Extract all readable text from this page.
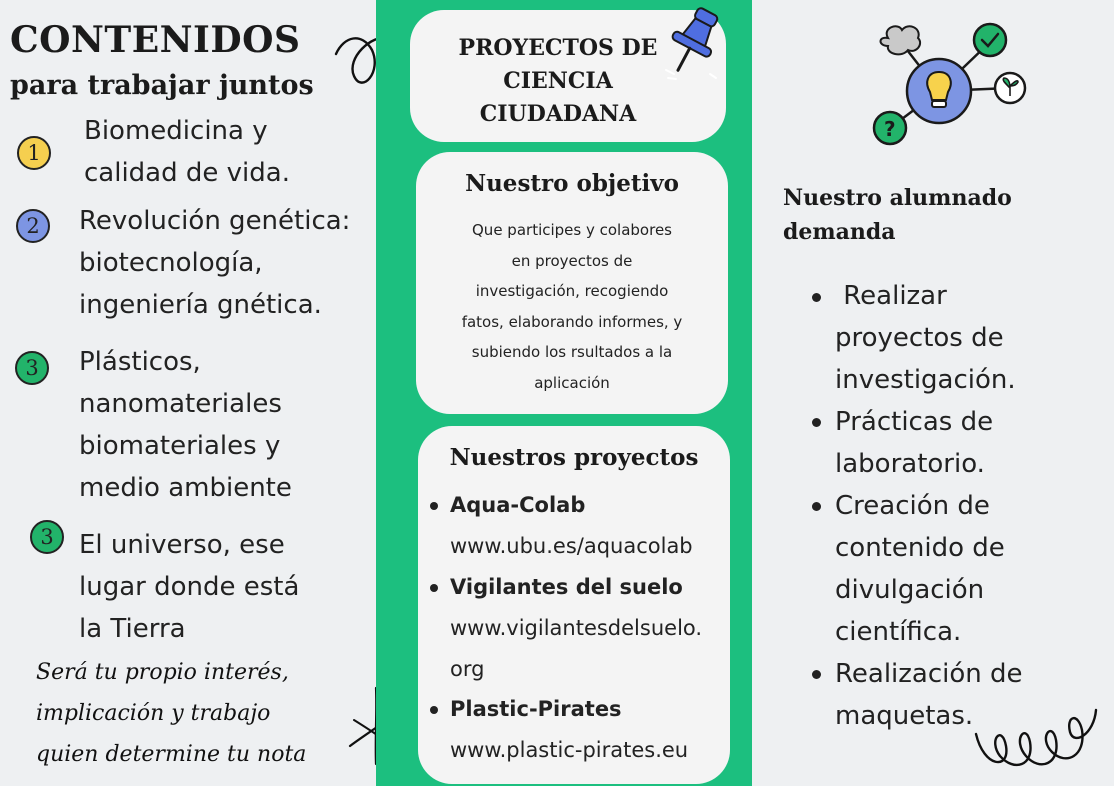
CONTENIDOS
para trabajar juntos
1
Biomedicina y
calidad de vida.
2 Revolución genética:
biotecnología,
ingeniería gnética.
3 Plásticos,
nanomateriales
biomateriales y
medio ambiente
3 El universo, ese
lugar donde está
la Tierra
Será tu propio interés,
implicación y trabajo
quien determine tu nota
PROYECTOS DE
CIENCIA
CIUDADANA
Nuestro objetivo
Que participes y colabores
en proyectos de
investigación, recogiendo
fatos, elaborando informes, y
subiendo los rsultados a la
aplicación
Nuestros proyectos
Aqua-Colab
www.ubu.es/aquacolab
Vigilantes del suelo
www.vigilantesdelsuelo.
org
Plastic-Pirates
www.plastic-pirates.eu
?
Nuestro alumnado
demanda
Realizar
proyectos de
investigación.
Prácticas de
laboratorio.
Creación de
contenido de
divulgación
científica.
Realización de
maquetas.
